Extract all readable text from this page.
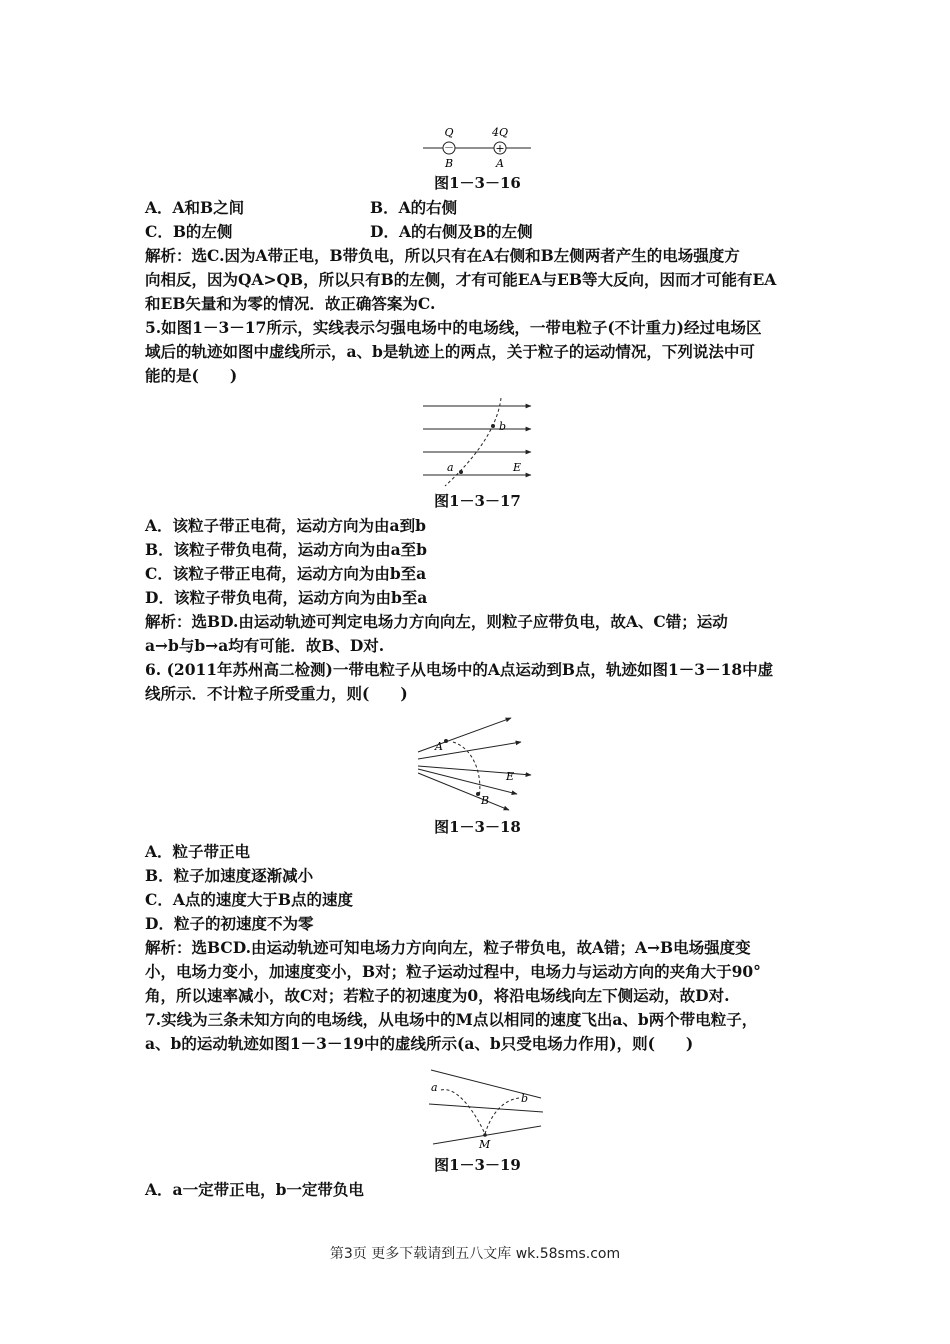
－	+
Q	4Q
B	A
图1－3－16
A．A和B之间	B．A的右侧
C．B的左侧	D．A的右侧及B的左侧
解析：选C.因为A带正电，B带负电，所以只有在A右侧和B左侧两者产生的电场强度方
向相反，因为QA>QB，所以只有B的左侧，才有可能EA与EB等大反向，因而才可能有EA
和EB矢量和为零的情况．故正确答案为C.
5.如图1－3－17所示，实线表示匀强电场中的电场线，一带电粒子(不计重力)经过电场区
域后的轨迹如图中虚线所示，a、b是轨迹上的两点，关于粒子的运动情况，下列说法中可
能的是(　　)
b
a	E
图1－3－17
A．该粒子带正电荷，运动方向为由a到b
B．该粒子带负电荷，运动方向为由a至b
C．该粒子带正电荷，运动方向为由b至a
D．该粒子带负电荷，运动方向为由b至a
解析：选BD.由运动轨迹可判定电场力方向向左，则粒子应带负电，故A、C错；运动
a→b与b→a均有可能．故B、D对.
6. (2011年苏州高二检测)一带电粒子从电场中的A点运动到B点，轨迹如图1－3－18中虚
线所示．不计粒子所受重力，则(　　)
A
B
E
图1－3－18
A．粒子带正电
B．粒子加速度逐渐减小
C．A点的速度大于B点的速度
D．粒子的初速度不为零
解析：选BCD.由运动轨迹可知电场力方向向左，粒子带负电，故A错；A→B电场强度变
小，电场力变小，加速度变小，B对；粒子运动过程中，电场力与运动方向的夹角大于90°
角，所以速率减小，故C对；若粒子的初速度为0，将沿电场线向左下侧运动，故D对.
7.实线为三条未知方向的电场线，从电场中的M点以相同的速度飞出a、b两个带电粒子，
a、b的运动轨迹如图1－3－19中的虚线所示(a、b只受电场力作用)，则(　　)
a
b
M
图1－3－19
A．a一定带正电，b一定带负电
第3页 更多下载请到五八文库 wk.58sms.com
